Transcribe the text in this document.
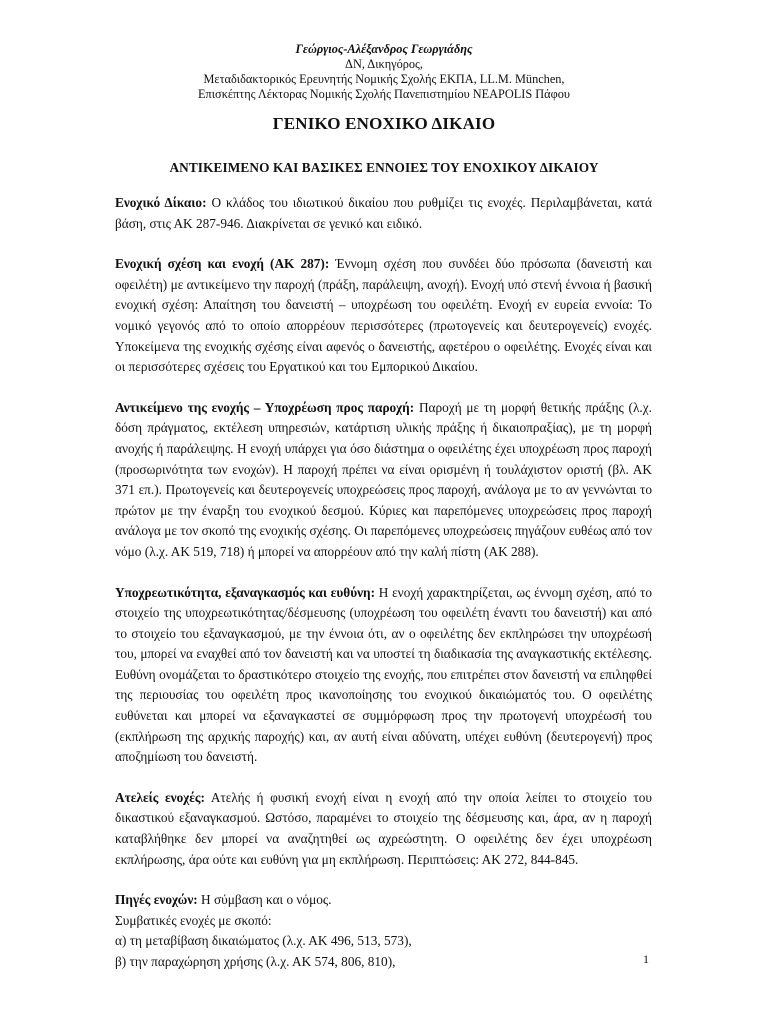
Γεώργιος-Αλέξανδρος Γεωργιάδης
ΔΝ, Δικηγόρος,
Μεταδιδακτορικός Ερευνητής Νομικής Σχολής ΕΚΠΑ, LL.M. München,
Επισκέπτης Λέκτορας Νομικής Σχολής Πανεπιστημίου NEAPOLIS Πάφου
ΓΕΝΙΚΟ ΕΝΟΧΙΚΟ ΔΙΚΑΙΟ
ΑΝΤΙΚΕΙΜΕΝΟ ΚΑΙ ΒΑΣΙΚΕΣ ΕΝΝΟΙΕΣ ΤΟΥ ΕΝΟΧΙΚΟΥ ΔΙΚΑΙΟΥ

Ενοχικό Δίκαιο: Ο κλάδος του ιδιωτικού δικαίου που ρυθμίζει τις ενοχές. Περιλαμβάνεται, κατά βάση, στις ΑΚ 287-946. Διακρίνεται σε γενικό και ειδικό.

Ενοχική σχέση και ενοχή (ΑΚ 287): Έννομη σχέση που συνδέει δύο πρόσωπα (δανειστή και οφειλέτη) με αντικείμενο την παροχή (πράξη, παράλειψη, ανοχή). Ενοχή υπό στενή έννοια ή βασική ενοχική σχέση: Απαίτηση του δανειστή – υποχρέωση του οφειλέτη. Ενοχή εν ευρεία εννοία: Το νομικό γεγονός από το οποίο απορρέουν περισσότερες (πρωτογενείς και δευτερογενείς) ενοχές. Υποκείμενα της ενοχικής σχέσης είναι αφενός ο δανειστής, αφετέρου ο οφειλέτης. Ενοχές είναι και οι περισσότερες σχέσεις του Εργατικού και του Εμπορικού Δικαίου.

Αντικείμενο της ενοχής – Υποχρέωση προς παροχή: Παροχή με τη μορφή θετικής πράξης (λ.χ. δόση πράγματος, εκτέλεση υπηρεσιών, κατάρτιση υλικής πράξης ή δικαιοπραξίας), με τη μορφή ανοχής ή παράλειψης. Η ενοχή υπάρχει για όσο διάστημα ο οφειλέτης έχει υποχρέωση προς παροχή (προσωρινότητα των ενοχών). Η παροχή πρέπει να είναι ορισμένη ή τουλάχιστον οριστή (βλ. ΑΚ 371 επ.). Πρωτογενείς και δευτερογενείς υποχρεώσεις προς παροχή, ανάλογα με το αν γεννώνται το πρώτον με την έναρξη του ενοχικού δεσμού. Κύριες και παρεπόμενες υποχρεώσεις προς παροχή ανάλογα με τον σκοπό της ενοχικής σχέσης. Οι παρεπόμενες υποχρεώσεις πηγάζουν ευθέως από τον νόμο (λ.χ. ΑΚ 519, 718) ή μπορεί να απορρέουν από την καλή πίστη (ΑΚ 288).

Υποχρεωτικότητα, εξαναγκασμός και ευθύνη: Η ενοχή χαρακτηρίζεται, ως έννομη σχέση, από το στοιχείο της υποχρεωτικότητας/δέσμευσης (υποχρέωση του οφειλέτη έναντι του δανειστή) και από το στοιχείο του εξαναγκασμού, με την έννοια ότι, αν ο οφειλέτης δεν εκπληρώσει την υποχρέωσή του, μπορεί να εναχθεί από τον δανειστή και να υποστεί τη διαδικασία της αναγκαστικής εκτέλεσης. Ευθύνη ονομάζεται το δραστικότερο στοιχείο της ενοχής, που επιτρέπει στον δανειστή να επιληφθεί της περιουσίας του οφειλέτη προς ικανοποίησης του ενοχικού δικαιώματός του. Ο οφειλέτης ευθύνεται και μπορεί να εξαναγκαστεί σε συμμόρφωση προς την πρωτογενή υποχρέωσή του (εκπλήρωση της αρχικής παροχής) και, αν αυτή είναι αδύνατη, υπέχει ευθύνη (δευτερογενή) προς αποζημίωση του δανειστή.

Ατελείς ενοχές: Ατελής ή φυσική ενοχή είναι η ενοχή από την οποία λείπει το στοιχείο του δικαστικού εξαναγκασμού. Ωστόσο, παραμένει το στοιχείο της δέσμευσης και, άρα, αν η παροχή καταβλήθηκε δεν μπορεί να αναζητηθεί ως αχρεώστητη. Ο οφειλέτης δεν έχει υποχρέωση εκπλήρωσης, άρα ούτε και ευθύνη για μη εκπλήρωση. Περιπτώσεις: ΑΚ 272, 844-845.

Πηγές ενοχών: Η σύμβαση και ο νόμος.

Συμβατικές ενοχές με σκοπό:

α) τη μεταβίβαση δικαιώματος (λ.χ. ΑΚ 496, 513, 573),

β) την παραχώρηση χρήσης (λ.χ. ΑΚ 574, 806, 810),	1
